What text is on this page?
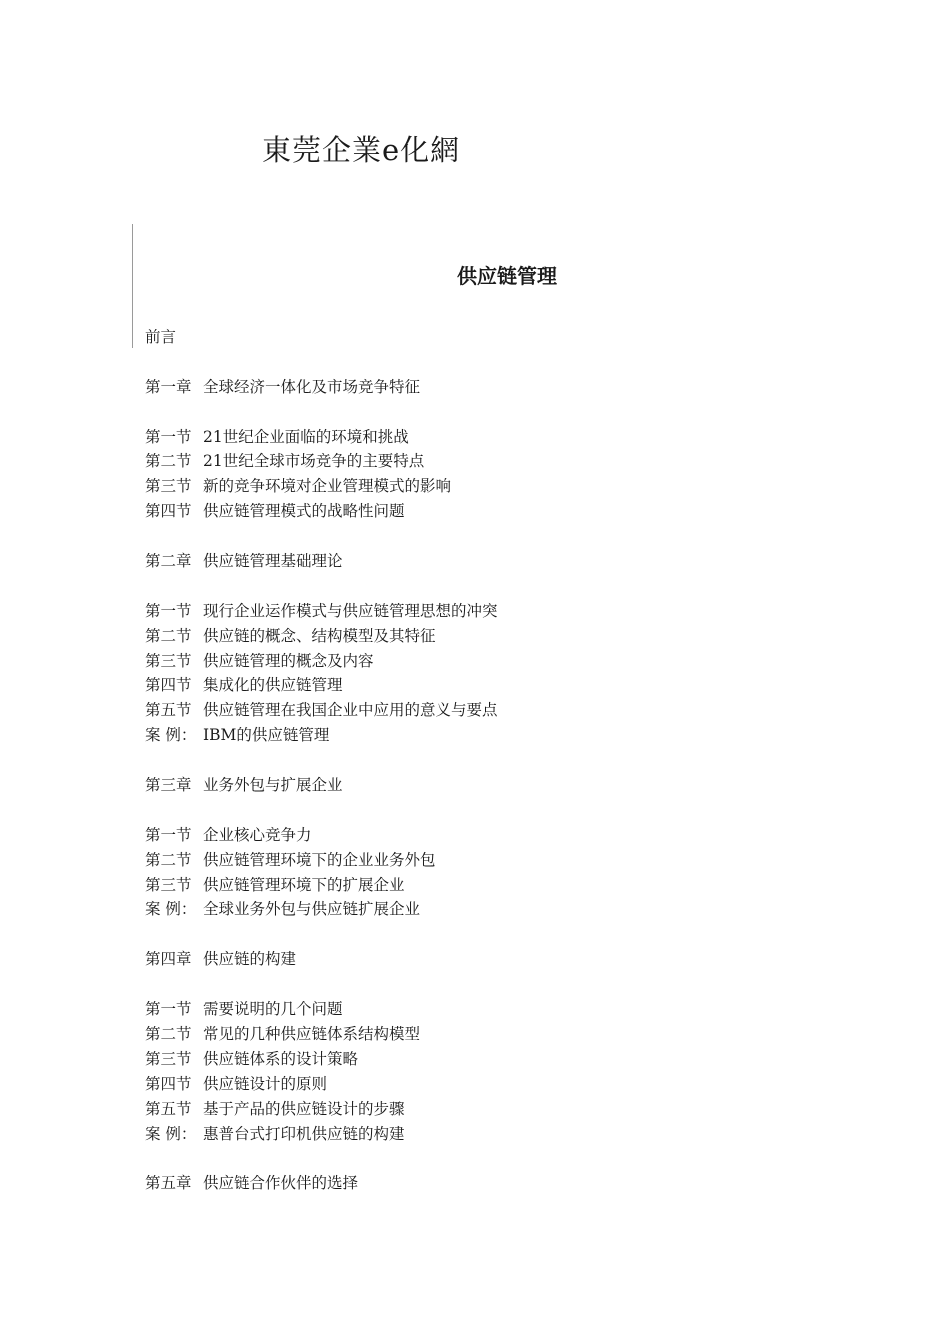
東莞企業e化網
供应链管理
前言
第一章 全球经济一体化及市场竞争特征
第一节 21世纪企业面临的环境和挑战
第二节 21世纪全球市场竞争的主要特点
第三节 新的竞争环境对企业管理模式的影响
第四节 供应链管理模式的战略性问题
第二章 供应链管理基础理论
第一节 现行企业运作模式与供应链管理思想的冲突
第二节 供应链的概念、结构模型及其特征
第三节 供应链管理的概念及内容
第四节 集成化的供应链管理
第五节 供应链管理在我国企业中应用的意义与要点
案 例： IBM的供应链管理
第三章 业务外包与扩展企业
第一节 企业核心竞争力
第二节 供应链管理环境下的企业业务外包
第三节 供应链管理环境下的扩展企业
案 例： 全球业务外包与供应链扩展企业
第四章 供应链的构建
第一节 需要说明的几个问题
第二节 常见的几种供应链体系结构模型
第三节 供应链体系的设计策略
第四节 供应链设计的原则
第五节 基于产品的供应链设计的步骤
案 例： 惠普台式打印机供应链的构建
第五章 供应链合作伙伴的选择
